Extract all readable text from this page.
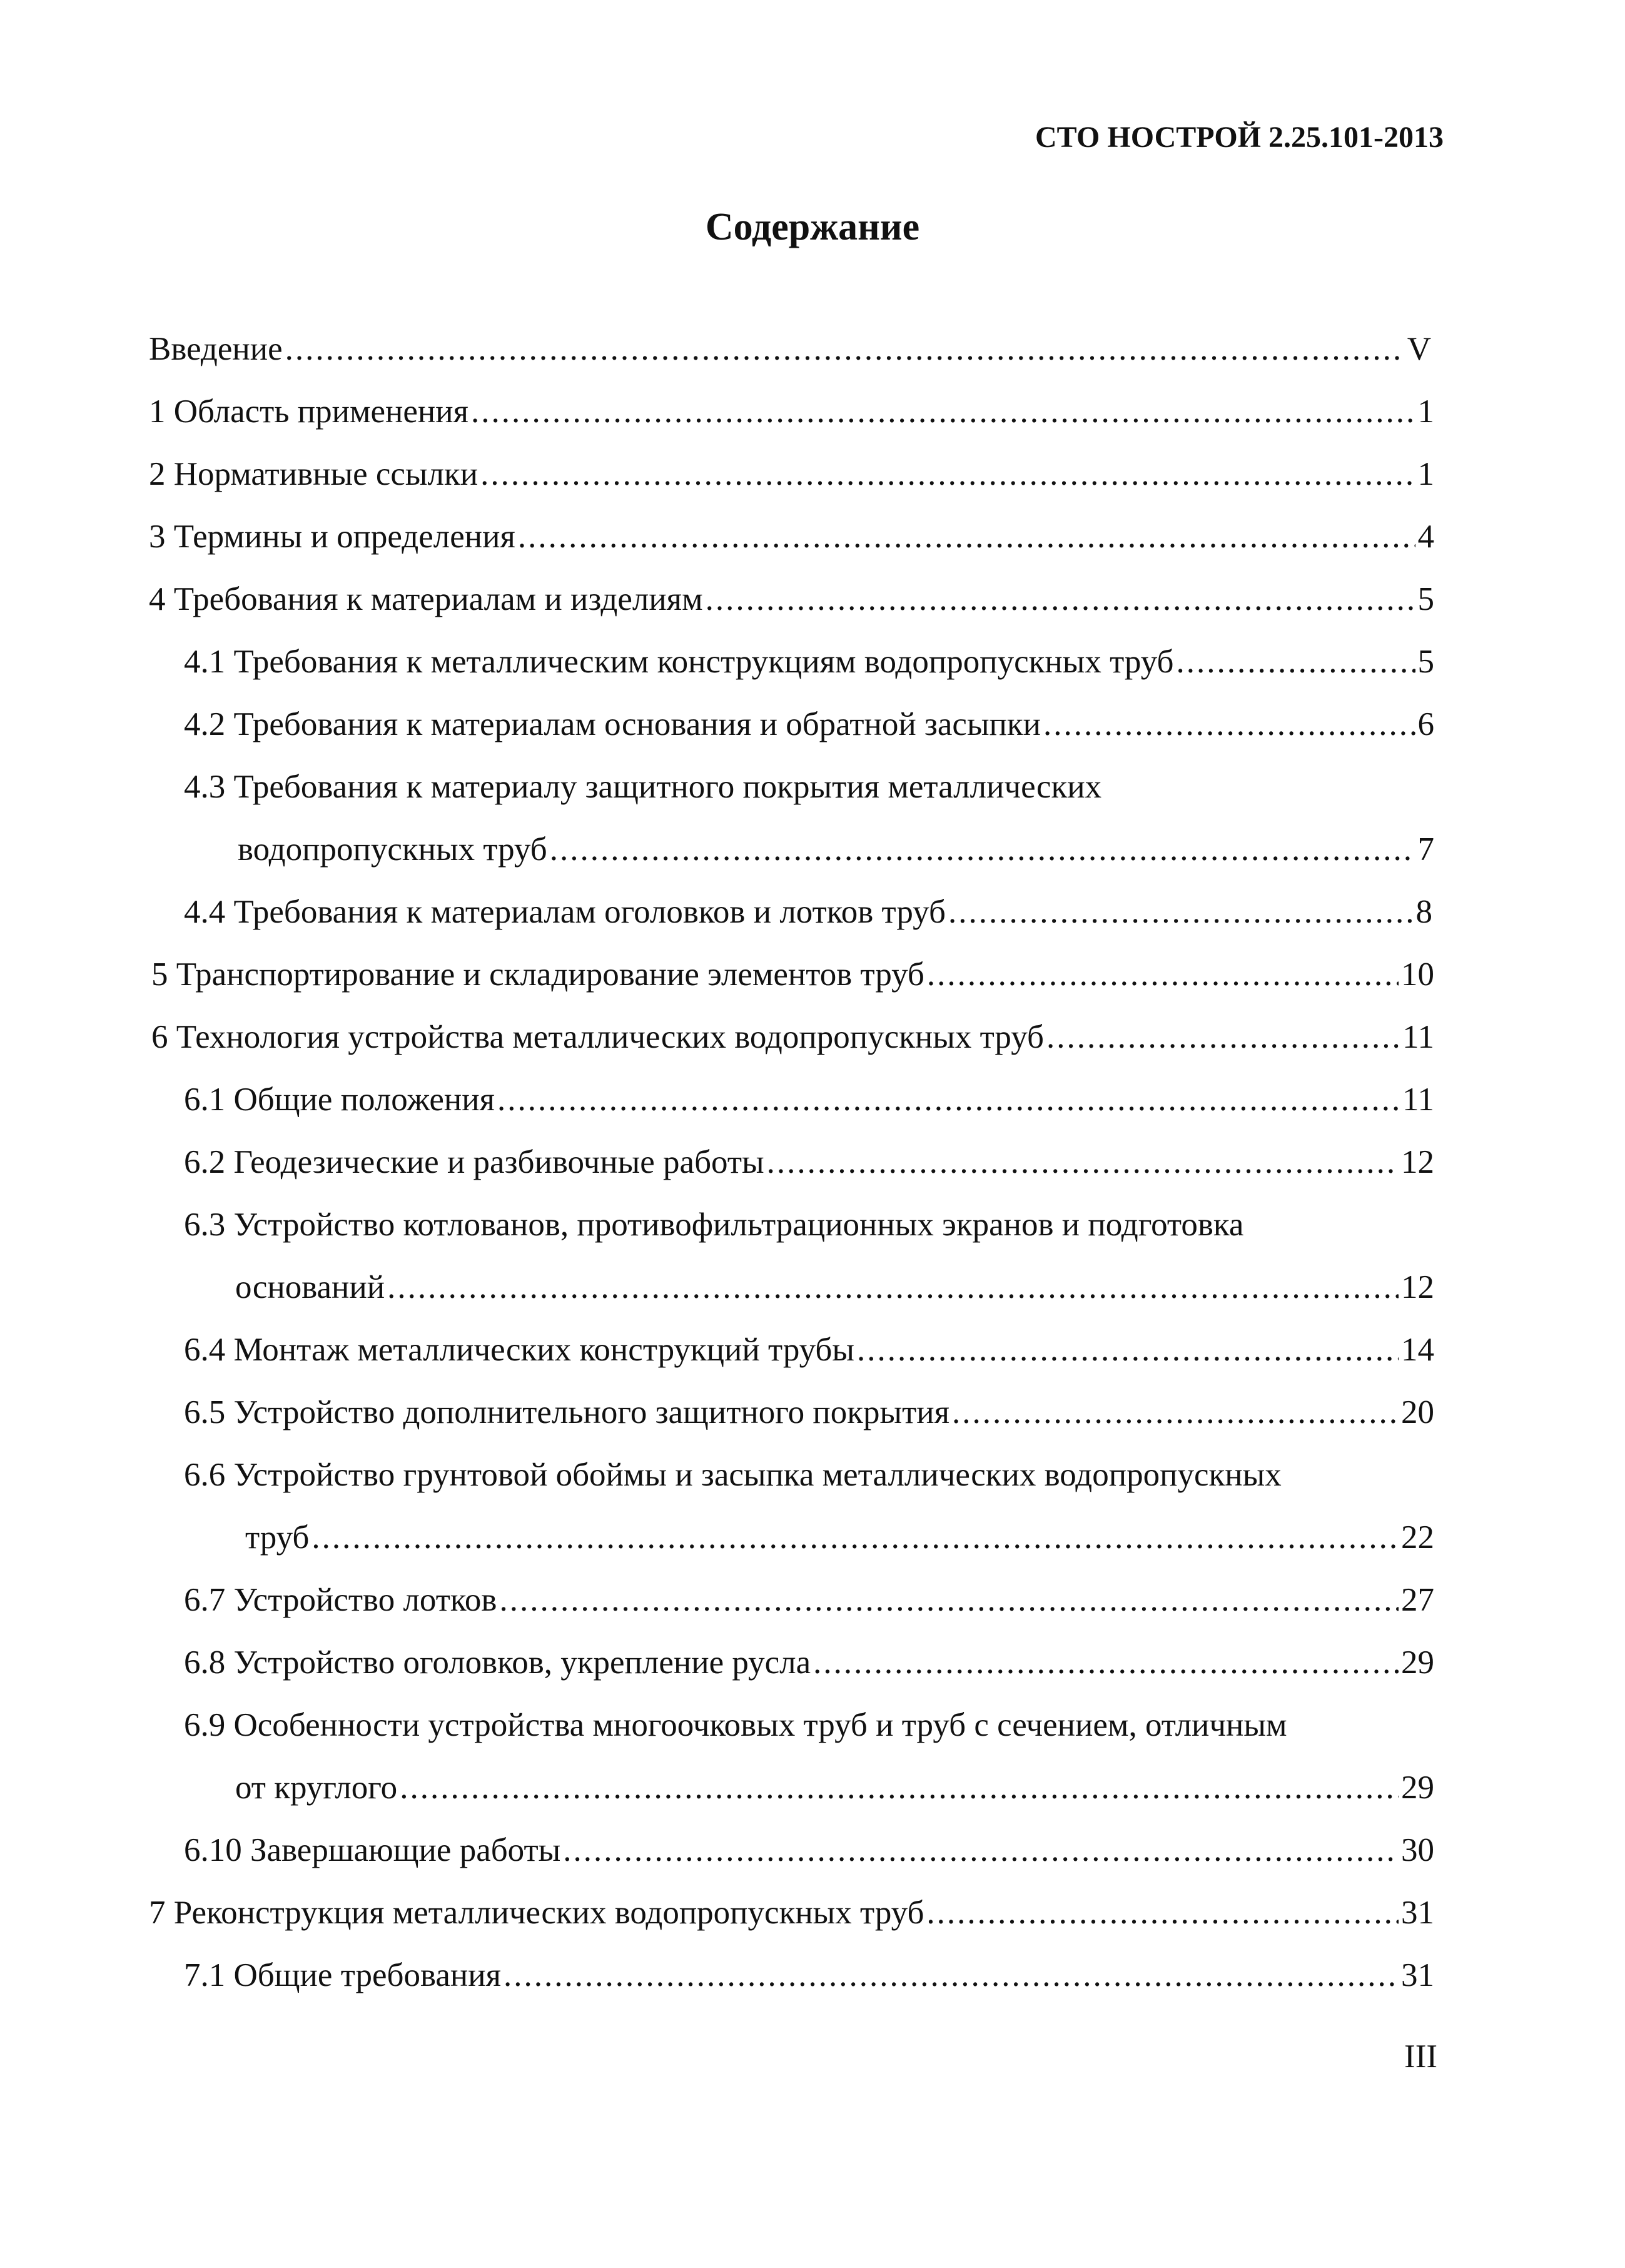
СТО НОСТРОЙ 2.25.101-2013
Содержание
Введение .....	V
1 Область применения .....	1
2 Нормативные ссылки .....	1
3 Термины и определения .....	4
4 Требования к материалам и изделиям .....	5
4.1 Требования к металлическим конструкциям водопропускных труб .....	5
4.2 Требования к материалам основания и обратной засыпки .....	6
4.3 Требования к материалу защитного покрытия металлических
водопропускных труб .....	7
4.4 Требования к материалам оголовков и лотков труб .....	8
5 Транспортирование и складирование элементов труб .....	10
6 Технология устройства металлических водопропускных труб .....	11
6.1 Общие положения .....	11
6.2 Геодезические и разбивочные работы .....	12
6.3 Устройство котлованов, противофильтрационных экранов и подготовка
оснований .....	12
6.4 Монтаж металлических конструкций трубы .....	14
6.5 Устройство дополнительного защитного покрытия .....	20
6.6 Устройство грунтовой обоймы и засыпка металлических водопропускных
труб .....	22
6.7 Устройство лотков .....	27
6.8 Устройство оголовков, укрепление русла .....	29
6.9 Особенности устройства многоочковых труб и труб с сечением, отличным
от круглого .....	29
6.10 Завершающие работы .....	30
7 Реконструкция металлических водопропускных труб .....	31
7.1 Общие требования .....	31
III
